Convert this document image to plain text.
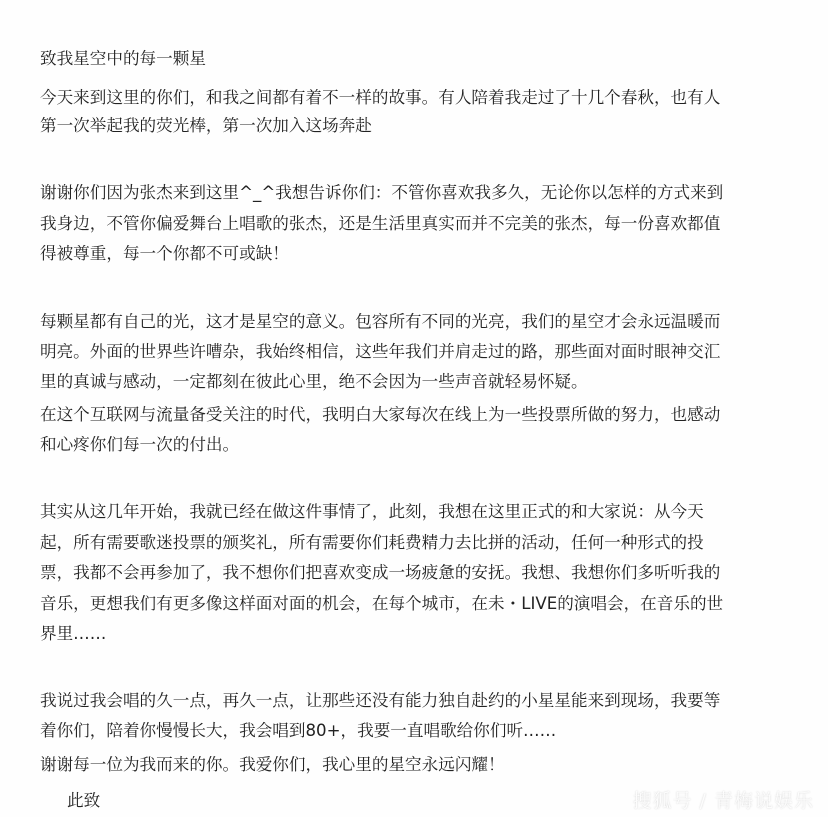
致我星空中的每一颗星
今天来到这里的你们，和我之间都有着不一样的故事。有人陪着我走过了十几个春秋，也有人
第一次举起我的荧光棒，第一次加入这场奔赴
谢谢你们因为张杰来到这里^_^我想告诉你们：不管你喜欢我多久，无论你以怎样的方式来到
我身边，不管你偏爱舞台上唱歌的张杰，还是生活里真实而并不完美的张杰，每一份喜欢都值
得被尊重，每一个你都不可或缺！
每颗星都有自己的光，这才是星空的意义。包容所有不同的光亮，我们的星空才会永远温暖而
明亮。外面的世界些许嘈杂，我始终相信，这些年我们并肩走过的路，那些面对面时眼神交汇
里的真诚与感动，一定都刻在彼此心里，绝不会因为一些声音就轻易怀疑。
在这个互联网与流量备受关注的时代，我明白大家每次在线上为一些投票所做的努力，也感动
和心疼你们每一次的付出。
其实从这几年开始，我就已经在做这件事情了，此刻，我想在这里正式的和大家说：从今天
起，所有需要歌迷投票的颁奖礼，所有需要你们耗费精力去比拼的活动，任何一种形式的投
票，我都不会再参加了，我不想你们把喜欢变成一场疲惫的安抚。我想、我想你们多听听我的
音乐，更想我们有更多像这样面对面的机会，在每个城市，在未・LIVE的演唱会，在音乐的世
界里……
我说过我会唱的久一点，再久一点，让那些还没有能力独自赴约的小星星能来到现场，我要等
着你们，陪着你慢慢长大，我会唱到80+，我要一直唱歌给你们听……
谢谢每一位为我而来的你。我爱你们，我心里的星空永远闪耀！
此致	搜狐号 / 青梅说娱乐
